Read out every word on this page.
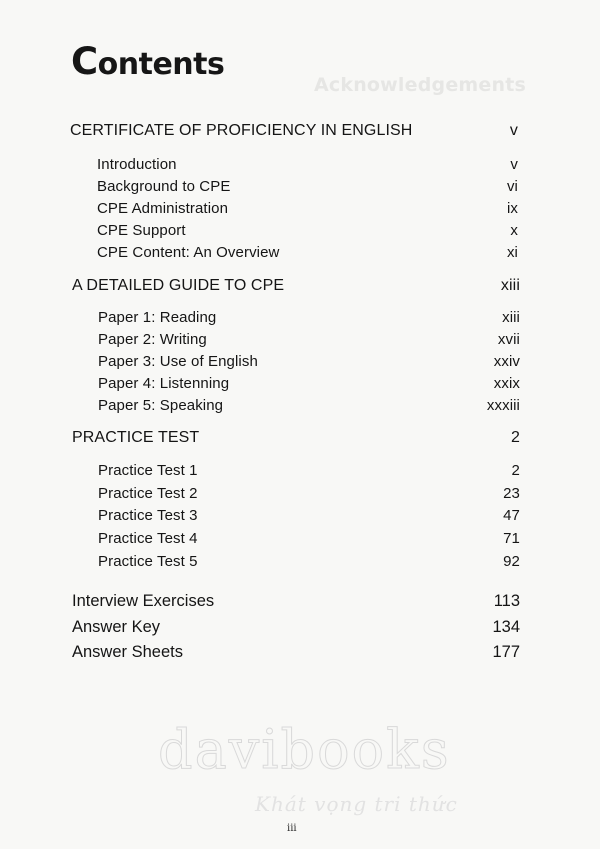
Contents
Acknowledgements
CERTIFICATE OF PROFICIENCY IN ENGLISH	v
Introduction	v
Background to CPE	vi
CPE Administration	ix
CPE Support	x
CPE Content: An Overview	xi
A DETAILED GUIDE TO CPE	xiii
Paper 1: Reading	xiii
Paper 2: Writing	xvii
Paper 3: Use of English	xxiv
Paper 4: Listenning	xxix
Paper 5: Speaking	xxxiii
PRACTICE TEST	2
Practice Test 1	2
Practice Test 2	23
Practice Test 3	47
Practice Test 4	71
Practice Test 5	92
Interview Exercises	113
Answer Key	134
Answer Sheets	177
davibooks
Khát vọng tri thức
iii
